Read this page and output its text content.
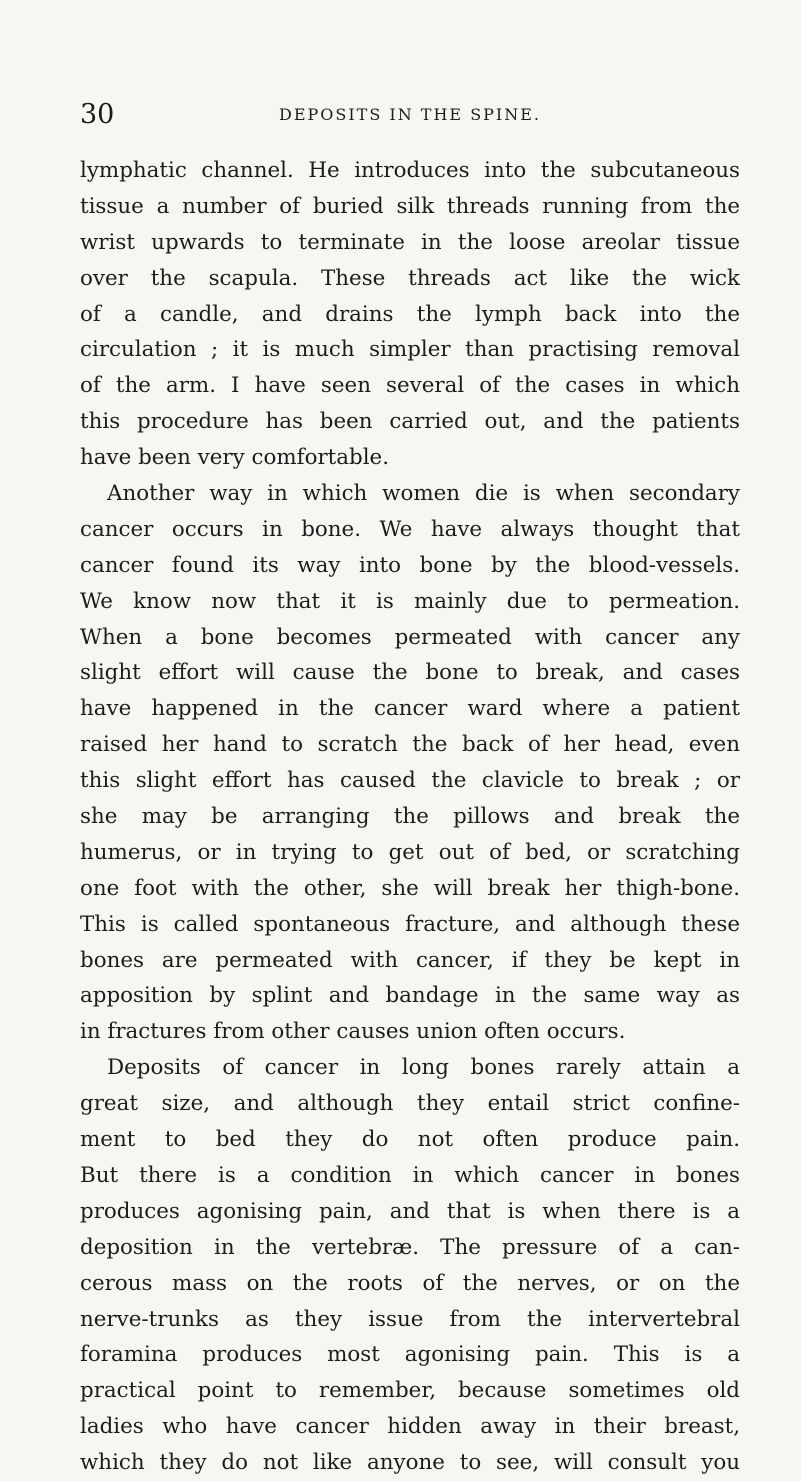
30	DEPOSITS IN THE SPINE.
lymphatic channel. He introduces into the subcutaneous
tissue a number of buried silk threads running from the
wrist upwards to terminate in the loose areolar tissue
over the scapula. These threads act like the wick
of a candle, and drains the lymph back into the
circulation ; it is much simpler than practising removal
of the arm. I have seen several of the cases in which
this procedure has been carried out, and the patients
have been very comfortable.
Another way in which women die is when secondary
cancer occurs in bone. We have always thought that
cancer found its way into bone by the blood-vessels.
We know now that it is mainly due to permeation.
When a bone becomes permeated with cancer any
slight effort will cause the bone to break, and cases
have happened in the cancer ward where a patient
raised her hand to scratch the back of her head, even
this slight effort has caused the clavicle to break ; or
she may be arranging the pillows and break the
humerus, or in trying to get out of bed, or scratching
one foot with the other, she will break her thigh-bone.
This is called spontaneous fracture, and although these
bones are permeated with cancer, if they be kept in
apposition by splint and bandage in the same way as
in fractures from other causes union often occurs.
Deposits of cancer in long bones rarely attain a
great size, and although they entail strict confine-
ment to bed they do not often produce pain.
But there is a condition in which cancer in bones
produces agonising pain, and that is when there is a
deposition in the vertebræ. The pressure of a can-
cerous mass on the roots of the nerves, or on the
nerve-trunks as they issue from the intervertebral
foramina produces most agonising pain. This is a
practical point to remember, because sometimes old
ladies who have cancer hidden away in their breast,
which they do not like anyone to see, will consult you
